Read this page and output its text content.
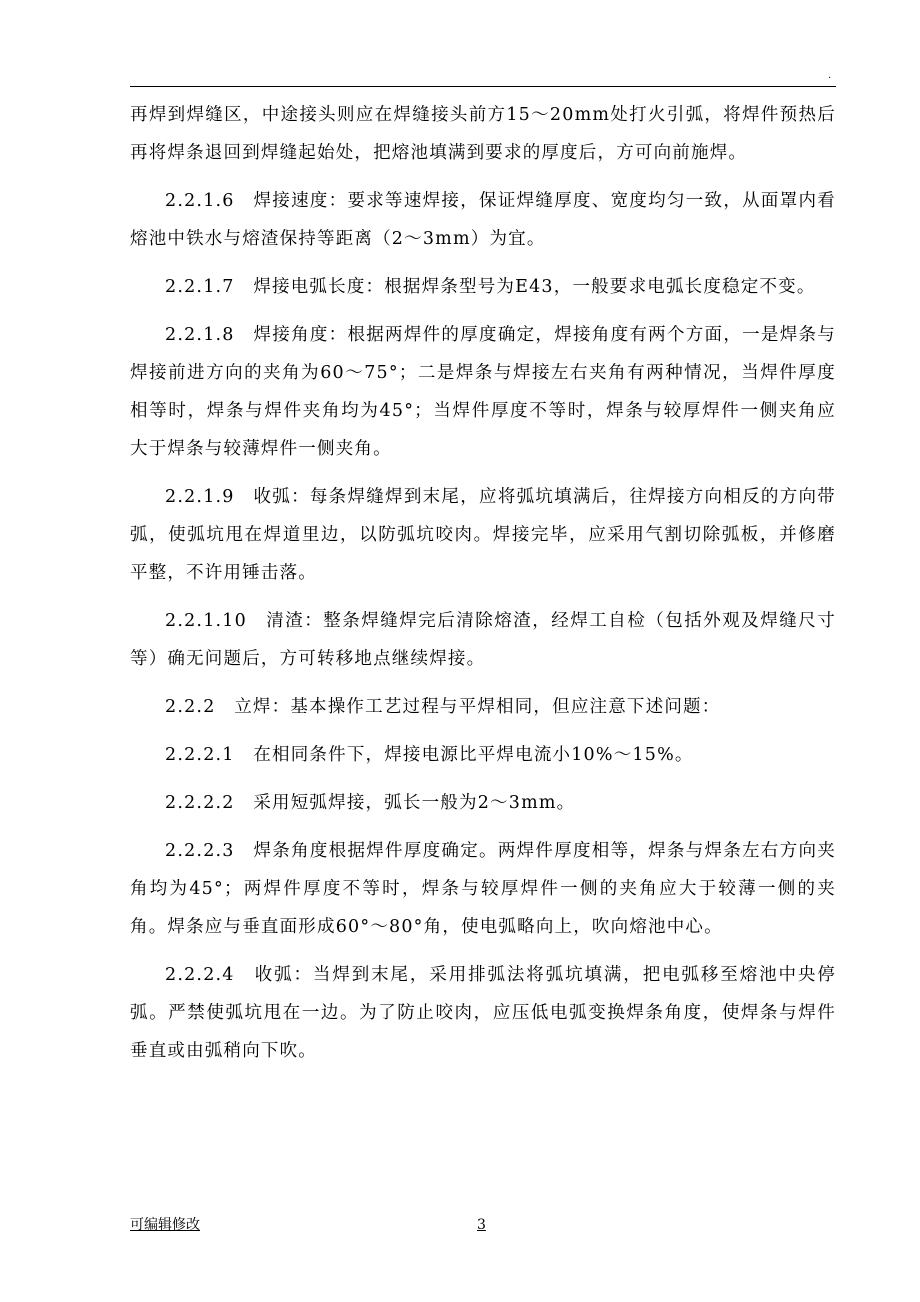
.

再焊到焊缝区，中途接头则应在焊缝接头前方15～20mm处打火引弧，将焊件预热后再将焊条退回到焊缝起始处，把熔池填满到要求的厚度后，方可向前施焊。

2.2.1.6　焊接速度：要求等速焊接，保证焊缝厚度、宽度均匀一致，从面罩内看熔池中铁水与熔渣保持等距离（2～3mm）为宜。

2.2.1.7　焊接电弧长度：根据焊条型号为E43，一般要求电弧长度稳定不变。

2.2.1.8　焊接角度：根据两焊件的厚度确定，焊接角度有两个方面，一是焊条与焊接前进方向的夹角为60～75°；二是焊条与焊接左右夹角有两种情况，当焊件厚度相等时，焊条与焊件夹角均为45°；当焊件厚度不等时，焊条与较厚焊件一侧夹角应大于焊条与较薄焊件一侧夹角。

2.2.1.9　收弧：每条焊缝焊到末尾，应将弧坑填满后，往焊接方向相反的方向带弧，使弧坑甩在焊道里边，以防弧坑咬肉。焊接完毕，应采用气割切除弧板，并修磨平整，不许用锤击落。

2.2.1.10　清渣：整条焊缝焊完后清除熔渣，经焊工自检（包括外观及焊缝尺寸等）确无问题后，方可转移地点继续焊接。

2.2.2　立焊：基本操作工艺过程与平焊相同，但应注意下述问题：

2.2.2.1　在相同条件下，焊接电源比平焊电流小10%～15%。

2.2.2.2　采用短弧焊接，弧长一般为2～3mm。

2.2.2.3　焊条角度根据焊件厚度确定。两焊件厚度相等，焊条与焊条左右方向夹角均为45°；两焊件厚度不等时，焊条与较厚焊件一侧的夹角应大于较薄一侧的夹角。焊条应与垂直面形成60°～80°角，使电弧略向上，吹向熔池中心。

2.2.2.4　收弧：当焊到末尾，采用排弧法将弧坑填满，把电弧移至熔池中央停弧。严禁使弧坑甩在一边。为了防止咬肉，应压低电弧变换焊条角度，使焊条与焊件垂直或由弧稍向下吹。

可编辑修改	3
